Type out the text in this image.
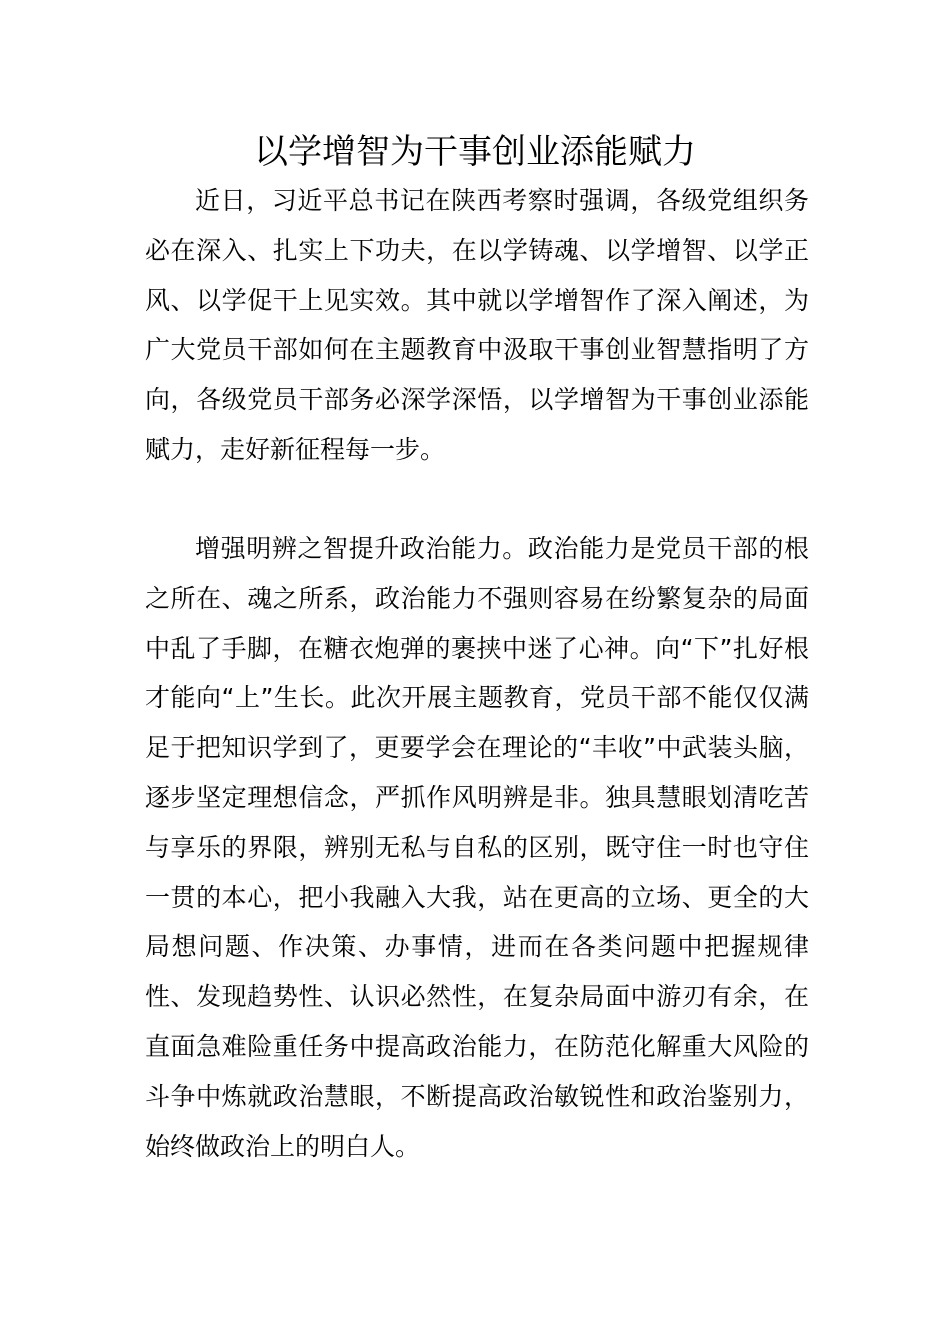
以学增智为干事创业添能赋力

近日，习近平总书记在陕西考察时强调，各级党组织务必在深入、扎实上下功夫，在以学铸魂、以学增智、以学正风、以学促干上见实效。其中就以学增智作了深入阐述，为广大党员干部如何在主题教育中汲取干事创业智慧指明了方向，各级党员干部务必深学深悟，以学增智为干事创业添能赋力，走好新征程每一步。

增强明辨之智提升政治能力。政治能力是党员干部的根之所在、魂之所系，政治能力不强则容易在纷繁复杂的局面中乱了手脚，在糖衣炮弹的裹挟中迷了心神。向“下”扎好根才能向“上”生长。此次开展主题教育，党员干部不能仅仅满足于把知识学到了，更要学会在理论的“丰收”中武装头脑，逐步坚定理想信念，严抓作风明辨是非。独具慧眼划清吃苦与享乐的界限，辨别无私与自私的区别，既守住一时也守住一贯的本心，把小我融入大我，站在更高的立场、更全的大局想问题、作决策、办事情，进而在各类问题中把握规律性、发现趋势性、认识必然性，在复杂局面中游刃有余，在直面急难险重任务中提高政治能力，在防范化解重大风险的斗争中炼就政治慧眼，不断提高政治敏锐性和政治鉴别力，始终做政治上的明白人。
